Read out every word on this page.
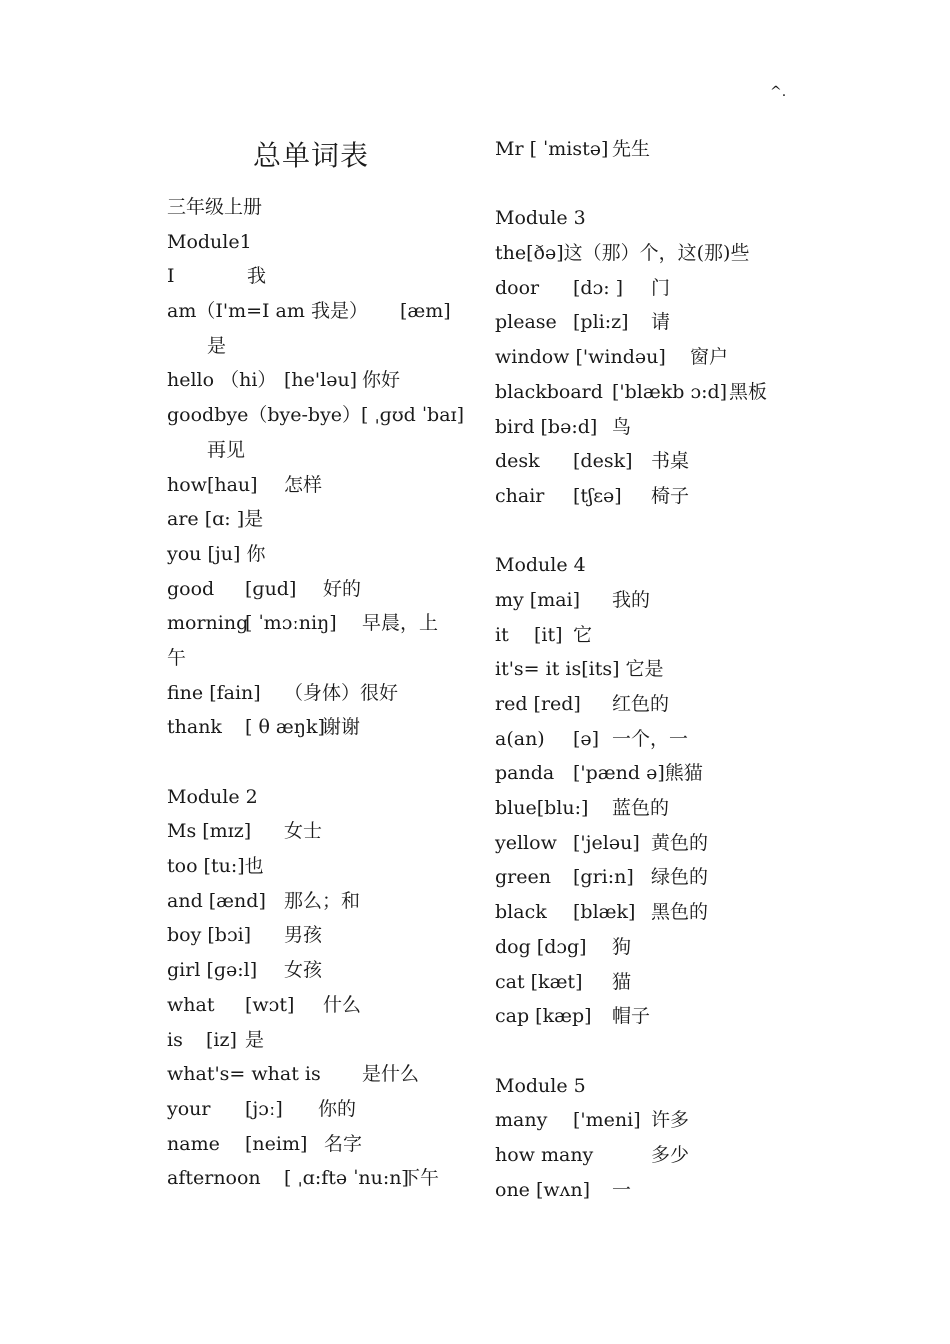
^.
总单词表
三年级上册
Module1
I	我
am（I'm=I am 我是） [æm]
是
hello （hi） [he'ləu] 你好
goodbye（bye-bye） [ ˌɡʊd ˈbaɪ]
再见
how[hau] 怎样
are [ɑ: ]是
you [ju] 你
good [ɡud] 好的
morning
[ ˈmɔːniŋ] 早晨，上
午
fine [fain] （身体）很好
thank [ θ æŋk]
谢谢
Module 2
Ms [mɪz] 女士
too [tu:]也
and [ænd] 那么；和
boy [bɔi] 男孩
girl [ɡə:l] 女孩
what [wɔt] 什么
is [iz] 是
what's= what is 是什么
your [jɔː] 你的
name [neim] 名字
afternoon [ ˌɑ:ftə ˈnu:n]
下午
Mr [ ˈmistə] 先生
Module 3
the[ðə]这（那）个，这(那)些
door [dɔ: ] 门
please [pli:z] 请
window ['windəu] 窗户
blackboard ['blækb ɔ:d] 黑板
bird [bə:d] 鸟
desk [desk] 书桌
chair [tʃɛə] 椅子
Module 4
my [mai] 我的
it [it] 它
it's= it is[its] 它是
red [red] 红色的
a(an) [ə] 一个，一
panda ['pænd ə]熊猫
blue[blu:] 蓝色的
yellow ['jeləu] 黄色的
green [gri:n] 绿色的
black [blæk] 黑色的
dog [dɔg] 狗
cat [kæt] 猫
cap [kæp] 帽子
Module 5
many ['meni] 许多
how many	多少
one [wʌn] 一
